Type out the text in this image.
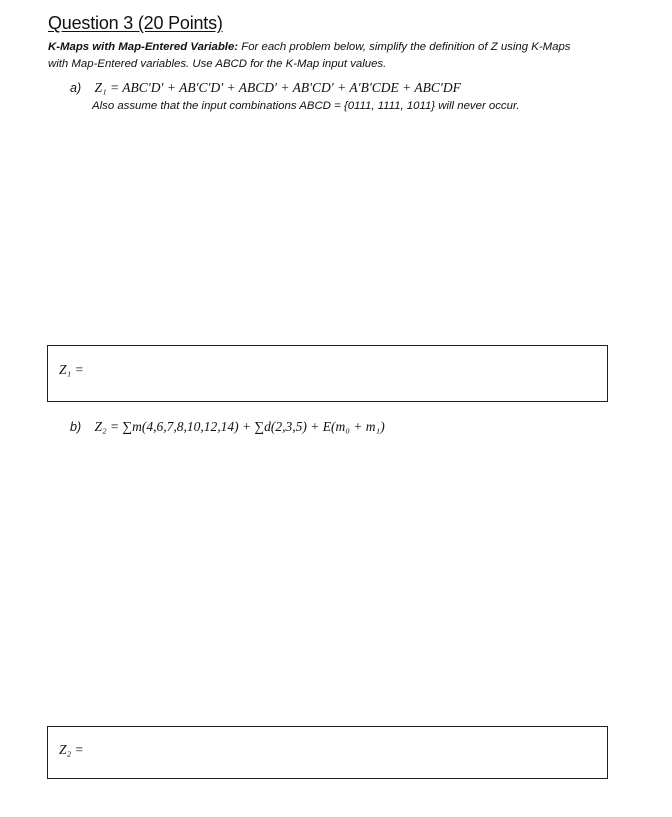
Question 3 (20 Points)
K-Maps with Map-Entered Variable: For each problem below, simplify the definition of Z using K-Maps
with Map-Entered variables. Use ABCD for the K-Map input values.
a) Z₁ = ABC′D′ + AB′C′D′ + ABCD′ + AB′CD′ + A′B′CDE + ABC′DF
Also assume that the input combinations ABCD = {0111, 1111, 1011} will never occur.
Z₁ =
b) Z₂ = ∑m(4,6,7,8,10,12,14) + ∑d(2,3,5) + E(m₀ + m₁)
Z₂ =
